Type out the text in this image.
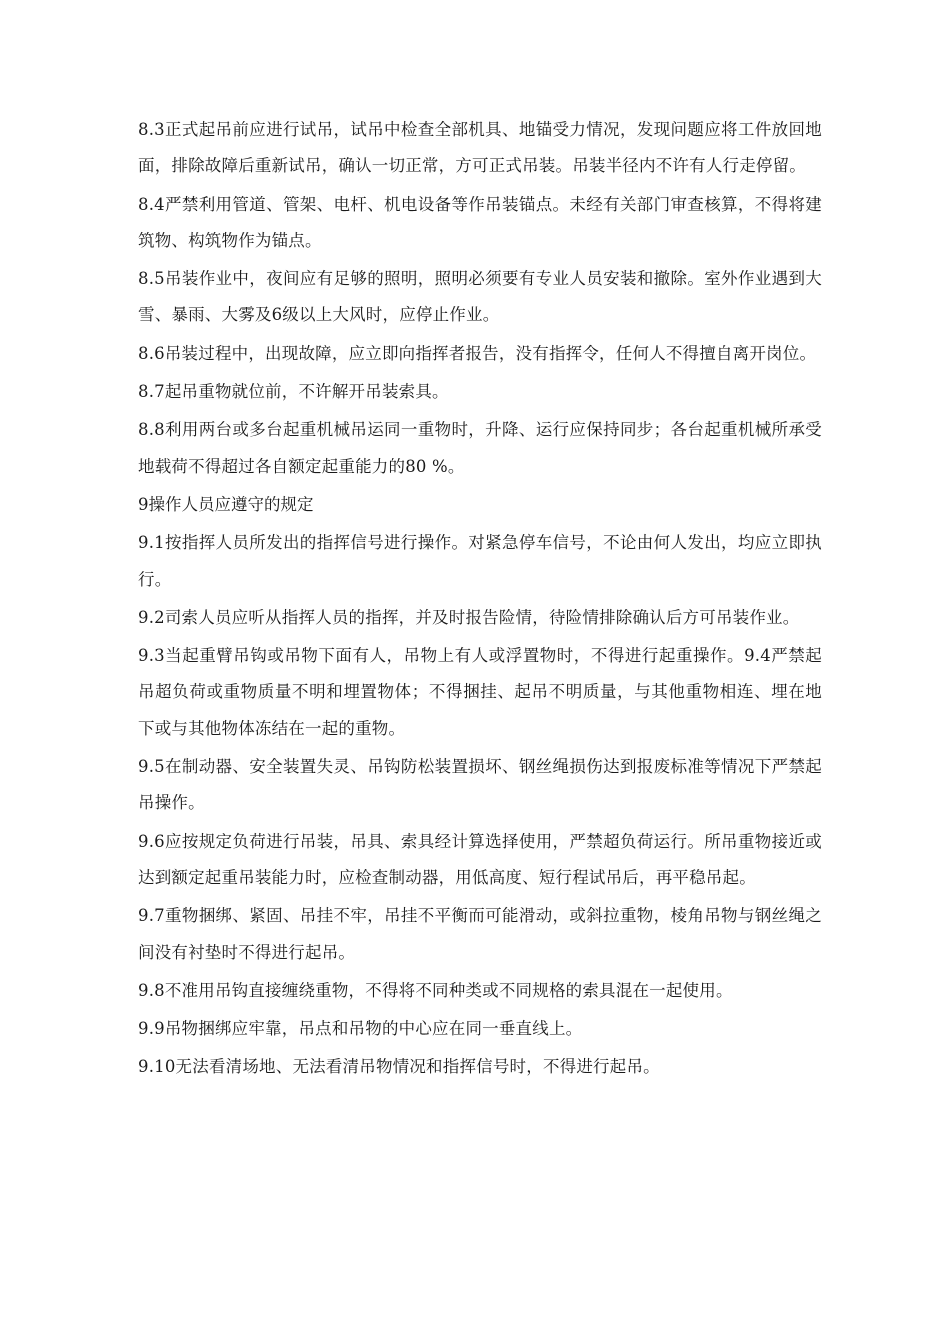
8.3正式起吊前应进行试吊，试吊中检查全部机具、地锚受力情况，发现问题应将工件放回地面，排除故障后重新试吊，确认一切正常，方可正式吊装。吊装半径内不许有人行走停留。

8.4严禁利用管道、管架、电杆、机电设备等作吊装锚点。未经有关部门审查核算，不得将建筑物、构筑物作为锚点。

8.5吊装作业中，夜间应有足够的照明，照明必须要有专业人员安装和撤除。室外作业遇到大雪、暴雨、大雾及6级以上大风时，应停止作业。

8.6吊装过程中，出现故障，应立即向指挥者报告，没有指挥令，任何人不得擅自离开岗位。

8.7起吊重物就位前，不许解开吊装索具。

8.8利用两台或多台起重机械吊运同一重物时，升降、运行应保持同步；各台起重机械所承受地载荷不得超过各自额定起重能力的80 %。

9操作人员应遵守的规定

9.1按指挥人员所发出的指挥信号进行操作。对紧急停车信号，不论由何人发出，均应立即执行。

9.2司索人员应听从指挥人员的指挥，并及时报告险情，待险情排除确认后方可吊装作业。

9.3当起重臂吊钩或吊物下面有人，吊物上有人或浮置物时，不得进行起重操作。9.4严禁起吊超负荷或重物质量不明和埋置物体；不得捆挂、起吊不明质量，与其他重物相连、埋在地下或与其他物体冻结在一起的重物。

9.5在制动器、安全装置失灵、吊钩防松装置损坏、钢丝绳损伤达到报废标准等情况下严禁起吊操作。

9.6应按规定负荷进行吊装，吊具、索具经计算选择使用，严禁超负荷运行。所吊重物接近或达到额定起重吊装能力时，应检查制动器，用低高度、短行程试吊后，再平稳吊起。

9.7重物捆绑、紧固、吊挂不牢，吊挂不平衡而可能滑动，或斜拉重物，棱角吊物与钢丝绳之间没有衬垫时不得进行起吊。

9.8不准用吊钩直接缠绕重物，不得将不同种类或不同规格的索具混在一起使用。

9.9吊物捆绑应牢靠，吊点和吊物的中心应在同一垂直线上。

9.10无法看清场地、无法看清吊物情况和指挥信号时，不得进行起吊。
